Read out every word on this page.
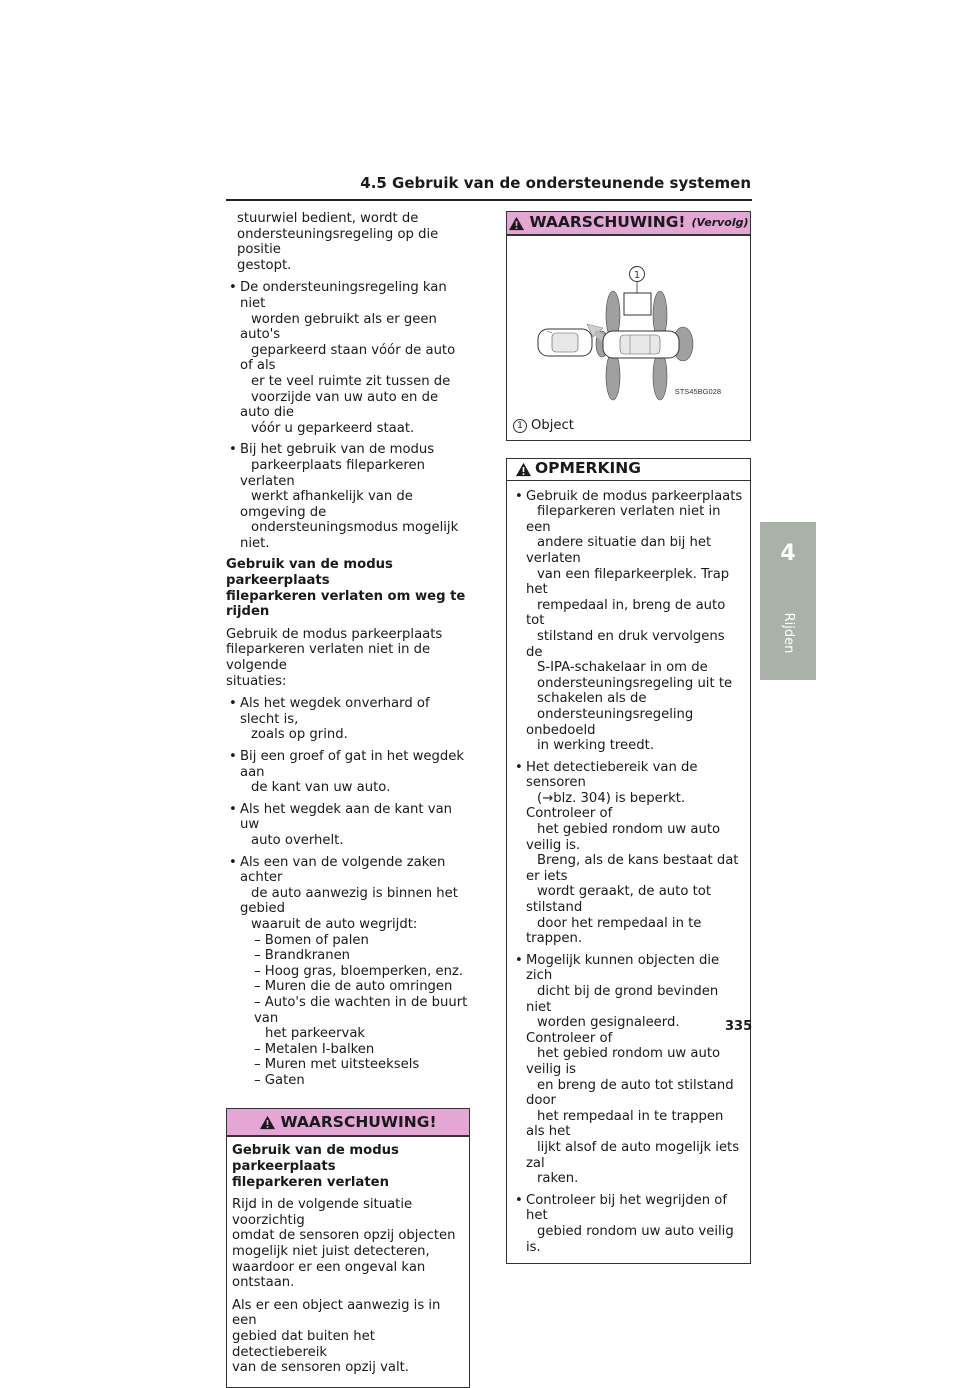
4.5 Gebruik van de ondersteunende systemen
4
Rijden

stuurwiel bedient, wordt de
ondersteuningsregeling op die positie
gestopt.

• De ondersteuningsregeling kan niet
worden gebruikt als er geen auto's
geparkeerd staan vóór de auto of als
er te veel ruimte zit tussen de
voorzijde van uw auto en de auto die
vóór u geparkeerd staat.
• Bij het gebruik van de modus
parkeerplaats fileparkeren verlaten
werkt afhankelijk van de omgeving de
ondersteuningsmodus mogelijk niet.

Gebruik van de modus parkeerplaats
fileparkeren verlaten om weg te rijden

Gebruik de modus parkeerplaats
fileparkeren verlaten niet in de volgende
situaties:

• Als het wegdek onverhard of slecht is,
zoals op grind.
• Bij een groef of gat in het wegdek aan
de kant van uw auto.
• Als het wegdek aan de kant van uw
auto overhelt.
• Als een van de volgende zaken achter
de auto aanwezig is binnen het gebied
waaruit de auto wegrijdt:
– Bomen of palen
– Brandkranen
– Hoog gras, bloemperken, enz.
– Muren die de auto omringen
– Auto's die wachten in de buurt van
het parkeervak
– Metalen I-balken
– Muren met uitsteeksels
– Gaten
WAARSCHUWING!

Gebruik van de modus parkeerplaats
fileparkeren verlaten

Rijd in de volgende situatie voorzichtig
omdat de sensoren opzij objecten
mogelijk niet juist detecteren,
waardoor er een ongeval kan ontstaan.

Als er een object aanwezig is in een
gebied dat buiten het detectiebereik
van de sensoren opzij valt.

WAARSCHUWING! (Vervolg)
1
STS45BG028
1 Object
OPMERKING
• Gebruik de modus parkeerplaats
fileparkeren verlaten niet in een
andere situatie dan bij het verlaten
van een fileparkeerplek. Trap het
rempedaal in, breng de auto tot
stilstand en druk vervolgens de
S-IPA-schakelaar in om de
ondersteuningsregeling uit te
schakelen als de
ondersteuningsregeling onbedoeld
in werking treedt.
• Het detectiebereik van de sensoren
(→blz. 304) is beperkt. Controleer of
het gebied rondom uw auto veilig is.
Breng, als de kans bestaat dat er iets
wordt geraakt, de auto tot stilstand
door het rempedaal in te trappen.
• Mogelijk kunnen objecten die zich
dicht bij de grond bevinden niet
worden gesignaleerd. Controleer of
het gebied rondom uw auto veilig is
en breng de auto tot stilstand door
het rempedaal in te trappen als het
lijkt alsof de auto mogelijk iets zal
raken.
• Controleer bij het wegrijden of het
gebied rondom uw auto veilig is.
335
